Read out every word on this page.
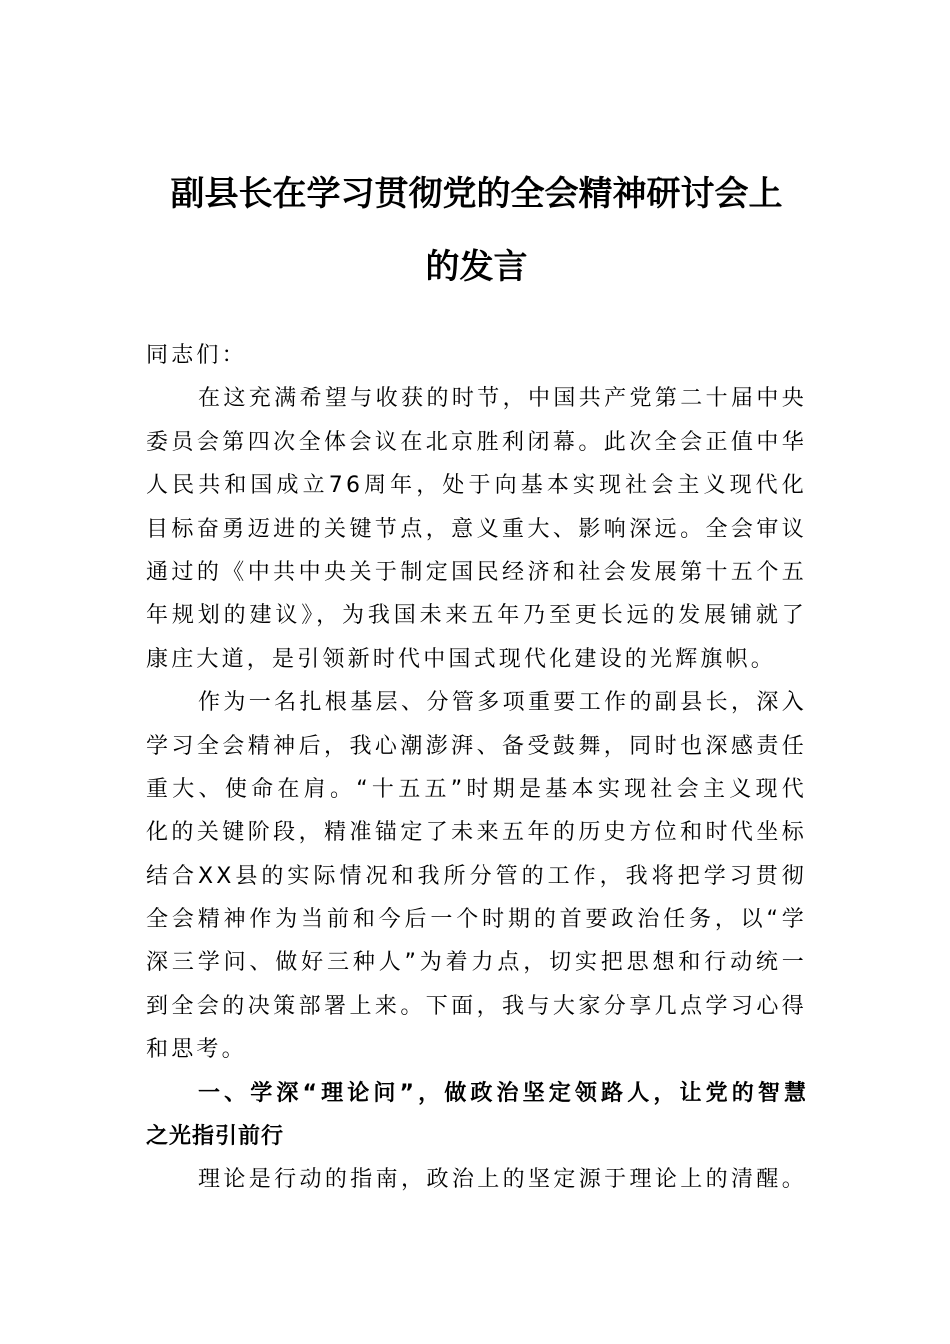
副县长在学习贯彻党的全会精神研讨会上
的发言
同志们：
在这充满希望与收获的时节，中国共产党第二十届中央
委员会第四次全体会议在北京胜利闭幕。此次全会正值中华
人民共和国成立76周年，处于向基本实现社会主义现代化
目标奋勇迈进的关键节点，意义重大、影响深远。全会审议
通过的《中共中央关于制定国民经济和社会发展第十五个五
年规划的建议》，为我国未来五年乃至更长远的发展铺就了
康庄大道，是引领新时代中国式现代化建设的光辉旗帜。
作为一名扎根基层、分管多项重要工作的副县长，深入
学习全会精神后，我心潮澎湃、备受鼓舞，同时也深感责任
重大、使命在肩。“十五五”时期是基本实现社会主义现代
化的关键阶段，精准锚定了未来五年的历史方位和时代坐标
结合XX县的实际情况和我所分管的工作，我将把学习贯彻
全会精神作为当前和今后一个时期的首要政治任务，以“学
深三学问、做好三种人”为着力点，切实把思想和行动统一
到全会的决策部署上来。下面，我与大家分享几点学习心得
和思考。
一、学深“理论问”，做政治坚定领路人，让党的智慧
之光指引前行
理论是行动的指南，政治上的坚定源于理论上的清醒。
